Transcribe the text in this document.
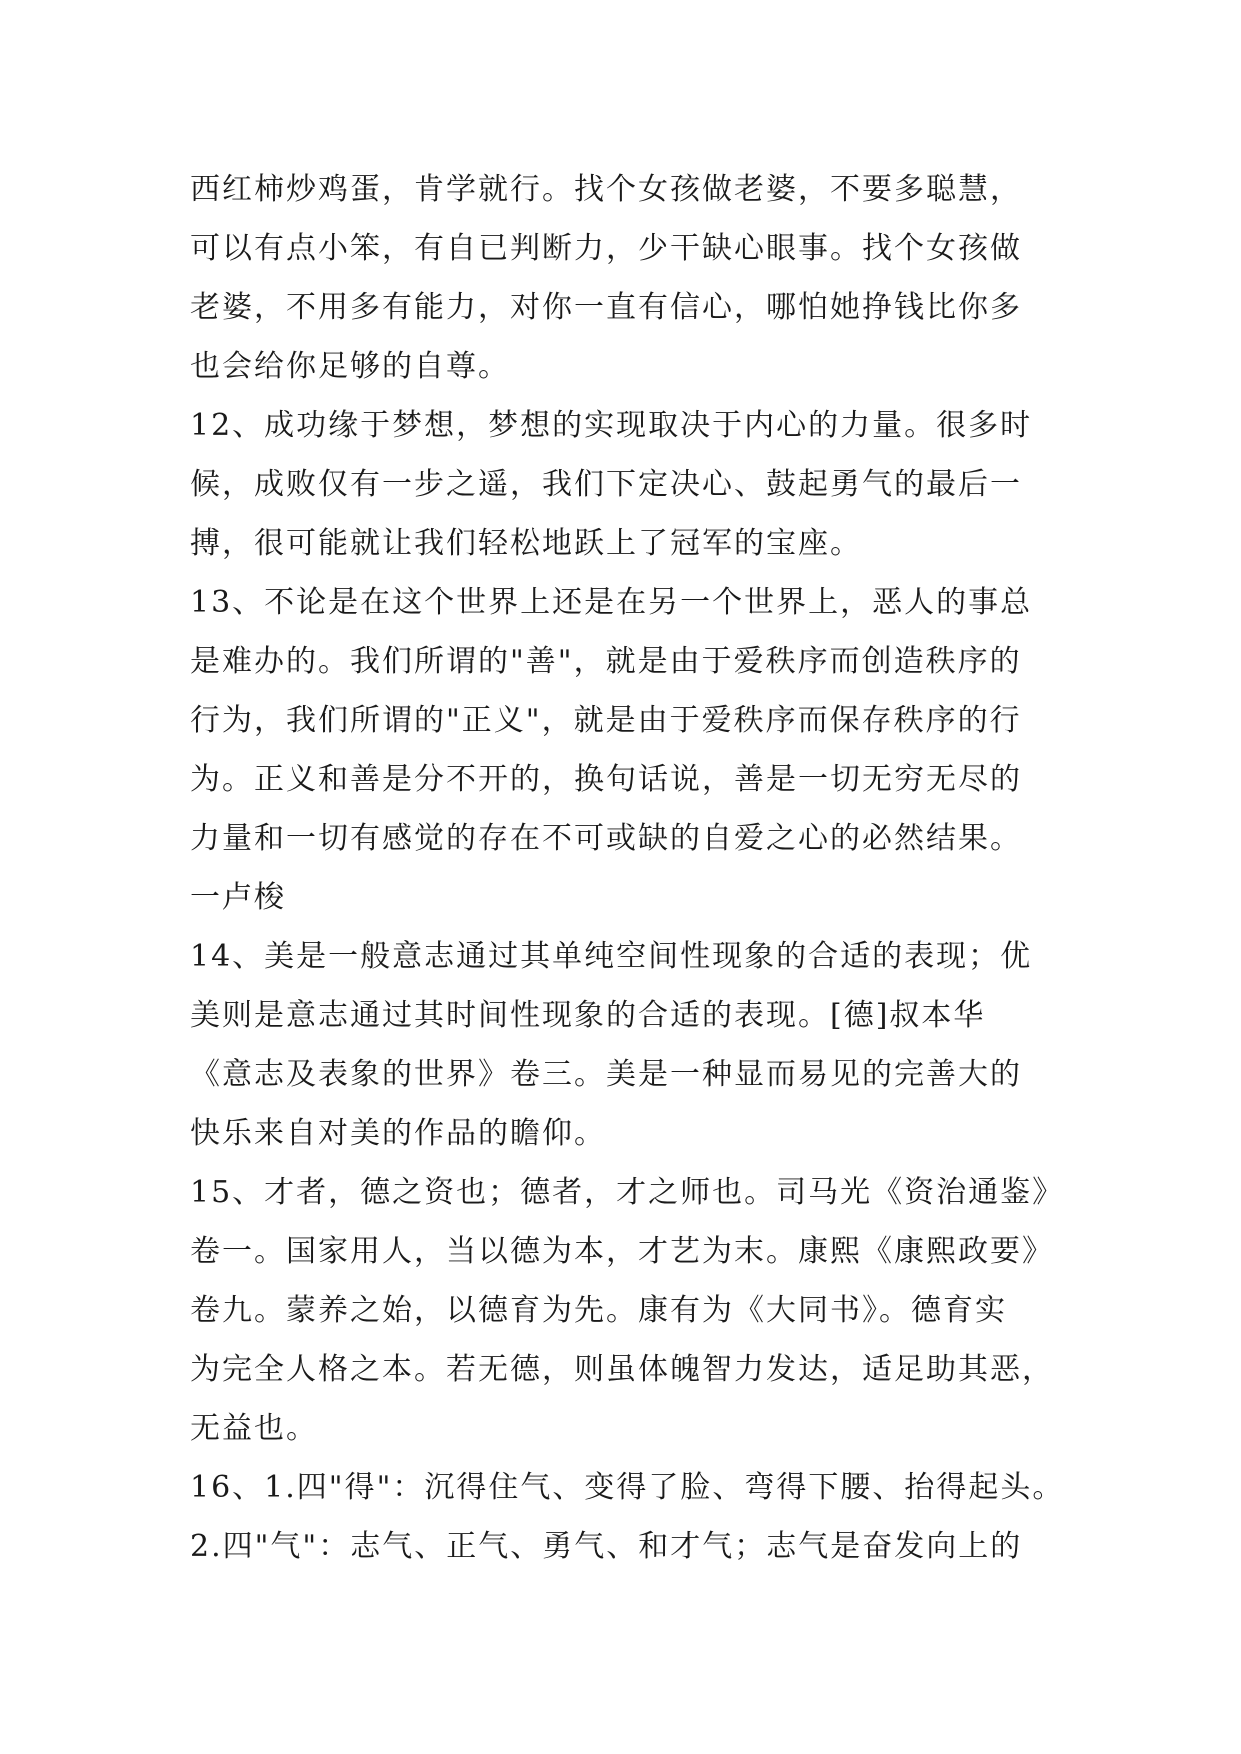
西红柿炒鸡蛋，肯学就行。找个女孩做老婆，不要多聪慧，
可以有点小笨，有自已判断力，少干缺心眼事。找个女孩做
老婆，不用多有能力，对你一直有信心，哪怕她挣钱比你多
也会给你足够的自尊。
12、成功缘于梦想，梦想的实现取决于内心的力量。很多时
候，成败仅有一步之遥，我们下定决心、鼓起勇气的最后一
搏，很可能就让我们轻松地跃上了冠军的宝座。
13、不论是在这个世界上还是在另一个世界上，恶人的事总
是难办的。我们所谓的"善"，就是由于爱秩序而创造秩序的
行为，我们所谓的"正义"，就是由于爱秩序而保存秩序的行
为。正义和善是分不开的，换句话说，善是一切无穷无尽的
力量和一切有感觉的存在不可或缺的自爱之心的必然结果。
一卢梭
14、美是一般意志通过其单纯空间性现象的合适的表现；优
美则是意志通过其时间性现象的合适的表现。[德]叔本华
《意志及表象的世界》卷三。美是一种显而易见的完善大的
快乐来自对美的作品的瞻仰。
15、才者，德之资也；德者，才之师也。司马光《资治通鉴》
卷一。国家用人，当以德为本，才艺为末。康熙《康熙政要》
卷九。蒙养之始，以德育为先。康有为《大同书》。德育实
为完全人格之本。若无德，则虽体魄智力发达，适足助其恶，
无益也。
16、1.四"得"：沉得住气、变得了脸、弯得下腰、抬得起头。
2.四"气"：志气、正气、勇气、和才气；志气是奋发向上的
